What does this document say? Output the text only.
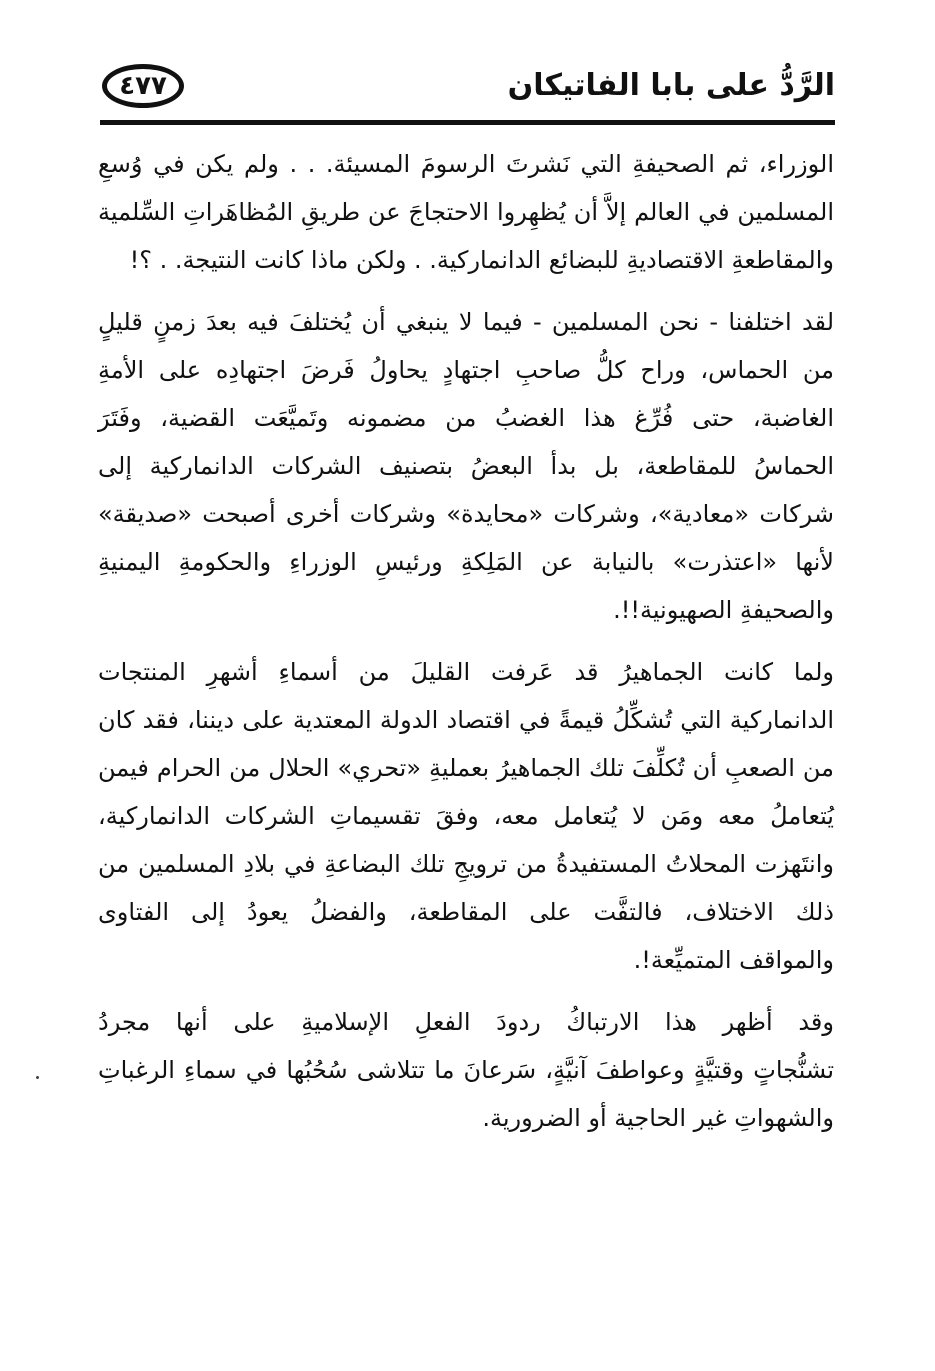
الرَّدُّ على بابا الفاتيكان
٤٧٧

الوزراء، ثم الصحيفةِ التي نَشرتَ الرسومَ المسيئة. . . ولم يكن في وُسعِ
المسلمين في العالم إلاَّ أن يُظهِروا الاحتجاجَ عن طريقِ المُظاهَراتِ السِّلمية
والمقاطعةِ الاقتصاديةِ للبضائع الدانماركية. . ولكن ماذا كانت النتيجة. . ؟!

لقد اختلفنا - نحن المسلمين - فيما لا ينبغي أن يُختلفَ فيه بعدَ زمنٍ قليلٍ
من الحماس، وراح كلُّ صاحبِ اجتهادٍ يحاولُ فَرضَ اجتهادِه على الأمةِ
الغاضبة، حتى فُرِّغ هذا الغضبُ من مضمونه وتَميَّعَت القضية، وفَتَرَ
الحماسُ للمقاطعة، بل بدأ البعضُ بتصنيف الشركات الدانماركية إلى
شركات «معادية»، وشركات «محايدة» وشركات أخرى أصبحت «صديقة»
لأنها «اعتذرت» بالنيابة عن المَلِكةِ ورئيسِ الوزراءِ والحكومةِ اليمنيةِ
والصحيفةِ الصهيونية!!.

ولما كانت الجماهيرُ قد عَرفت القليلَ من أسماءِ أشهرِ المنتجات
الدانماركية التي تُشكِّلُ قيمةً في اقتصاد الدولة المعتدية على ديننا، فقد كان
من الصعبِ أن تُكلِّفَ تلك الجماهيرُ بعمليةِ «تحري» الحلال من الحرام فيمن
يُتعاملُ معه ومَن لا يُتعامل معه، وفقَ تقسيماتِ الشركات الدانماركية،
وانتَهزت المحلاتُ المستفيدةُ من ترويجِ تلك البضاعةِ في بلادِ المسلمين من
ذلك الاختلاف، فالتفَّت على المقاطعة، والفضلُ يعودُ إلى الفتاوى
والمواقف المتميِّعة!.

وقد أظهر هذا الارتباكُ ردودَ الفعلِ الإسلاميةِ على أنها مجردُ
تشنُّجاتٍ وقتيَّةٍ وعواطفَ آنيَّةٍ، سَرعانَ ما تتلاشى سُحُبُها في سماءِ الرغباتِ
والشهواتِ غير الحاجية أو الضرورية.
